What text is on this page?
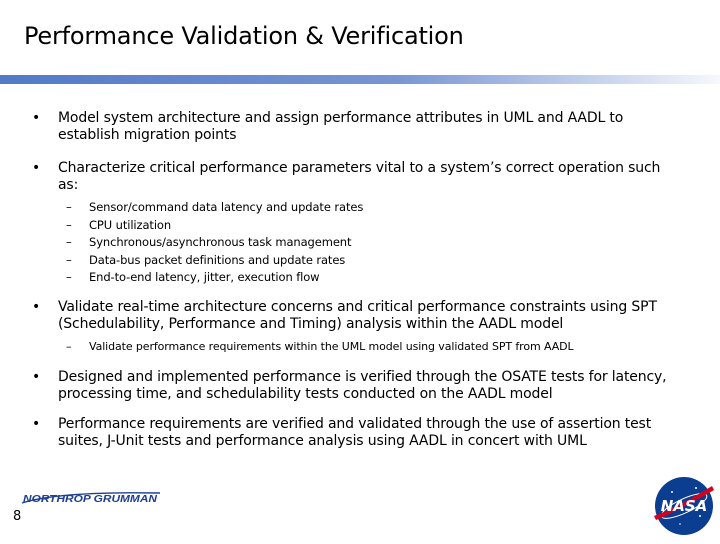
Performance Validation & Verification
• Model system architecture and assign performance attributes in UML and AADL to establish migration points
• Characterize critical performance parameters vital to a system’s correct operation such as:
– Sensor/command data latency and update rates
– CPU utilization
– Synchronous/asynchronous task management
– Data-bus packet definitions and update rates
– End-to-end latency, jitter, execution flow
• Validate real-time architecture concerns and critical performance constraints using SPT (Schedulability, Performance and Timing) analysis within the AADL model
– Validate performance requirements within the UML model using validated SPT from AADL
• Designed and implemented performance is verified through the OSATE tests for latency, processing time, and schedulability tests conducted on the AADL model
• Performance requirements are verified and validated through the use of assertion test suites, J-Unit tests and performance analysis using AADL in concert with UML
NORTHROP GRUMMAN
8
NASA
